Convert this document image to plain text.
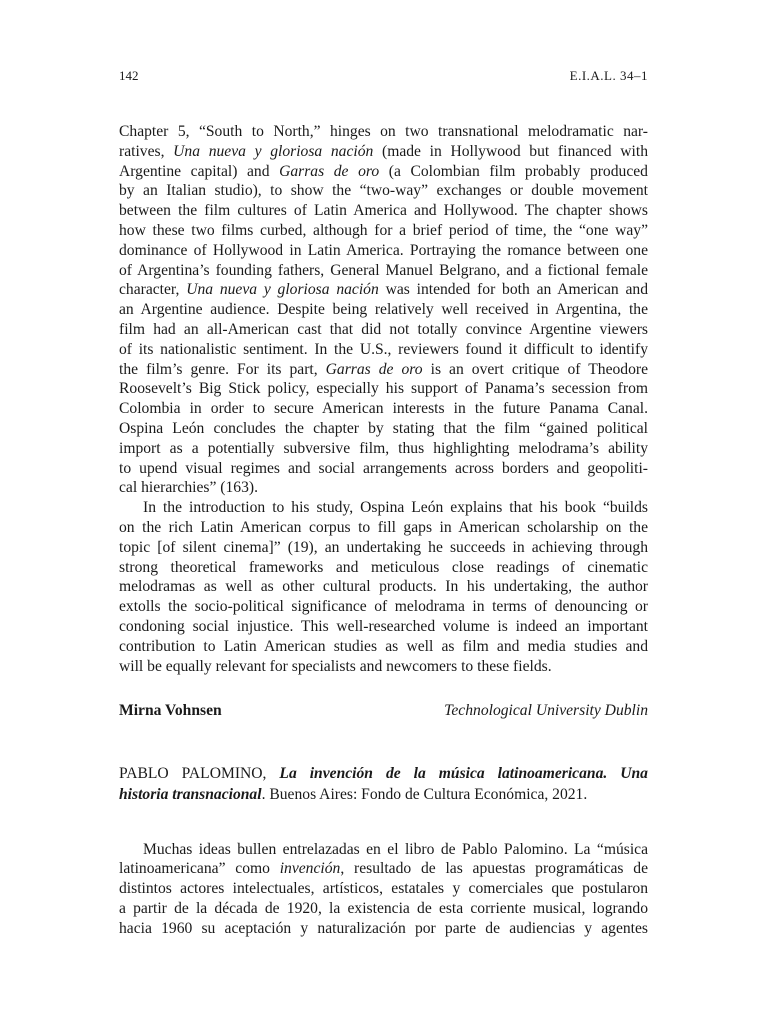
142	E.I.A.L. 34–1

Chapter 5, “South to North,” hinges on two transnational melodramatic nar-
ratives, Una nueva y gloriosa nación (made in Hollywood but financed with
Argentine capital) and Garras de oro (a Colombian film probably produced
by an Italian studio), to show the “two-way” exchanges or double movement
between the film cultures of Latin America and Hollywood. The chapter shows
how these two films curbed, although for a brief period of time, the “one way”
dominance of Hollywood in Latin America. Portraying the romance between one
of Argentina’s founding fathers, General Manuel Belgrano, and a fictional female
character, Una nueva y gloriosa nación was intended for both an American and
an Argentine audience. Despite being relatively well received in Argentina, the
film had an all-American cast that did not totally convince Argentine viewers
of its nationalistic sentiment. In the U.S., reviewers found it difficult to identify
the film’s genre. For its part, Garras de oro is an overt critique of Theodore
Roosevelt’s Big Stick policy, especially his support of Panama’s secession from
Colombia in order to secure American interests in the future Panama Canal.
Ospina León concludes the chapter by stating that the film “gained political
import as a potentially subversive film, thus highlighting melodrama’s ability
to upend visual regimes and social arrangements across borders and geopoliti-
cal hierarchies” (163).

In the introduction to his study, Ospina León explains that his book “builds
on the rich Latin American corpus to fill gaps in American scholarship on the
topic [of silent cinema]” (19), an undertaking he succeeds in achieving through
strong theoretical frameworks and meticulous close readings of cinematic
melodramas as well as other cultural products. In his undertaking, the author
extolls the socio-political significance of melodrama in terms of denouncing or
condoning social injustice. This well-researched volume is indeed an important
contribution to Latin American studies as well as film and media studies and
will be equally relevant for specialists and newcomers to these fields.

Mirna Vohnsen	Technological University Dublin
PABLO PALOMINO, La invención de la música latinoamericana. Una
historia transnacional. Buenos Aires: Fondo de Cultura Económica, 2021.

Muchas ideas bullen entrelazadas en el libro de Pablo Palomino. La “música
latinoamericana” como invención, resultado de las apuestas programáticas de
distintos actores intelectuales, artísticos, estatales y comerciales que postularon
a partir de la década de 1920, la existencia de esta corriente musical, logrando
hacia 1960 su aceptación y naturalización por parte de audiencias y agentes
